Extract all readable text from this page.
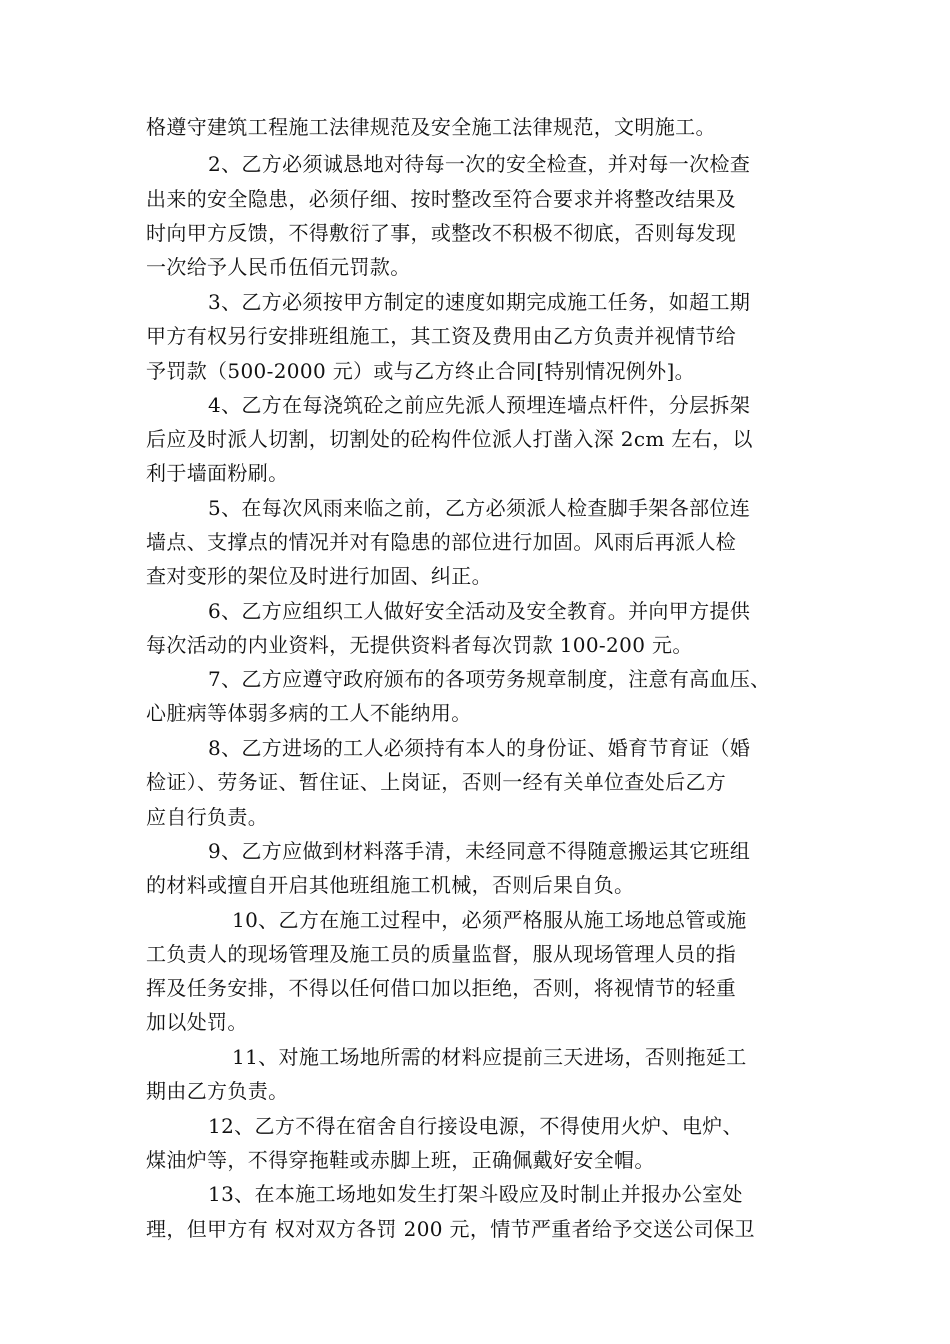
格遵守建筑工程施工法律规范及安全施工法律规范，文明施工。
2、乙方必须诚恳地对待每一次的安全检查，并对每一次检查
出来的安全隐患，必须仔细、按时整改至符合要求并将整改结果及
时向甲方反馈，不得敷衍了事，或整改不积极不彻底，否则每发现
一次给予人民币伍佰元罚款。
3、乙方必须按甲方制定的速度如期完成施工任务，如超工期
甲方有权另行安排班组施工，其工资及费用由乙方负责并视情节给
予罚款（500-2000 元）或与乙方终止合同[特别情况例外]。
4、乙方在每浇筑砼之前应先派人预埋连墙点杆件，分层拆架
后应及时派人切割，切割处的砼构件位派人打凿入深 2cm 左右，以
利于墙面粉刷。
5、在每次风雨来临之前，乙方必须派人检查脚手架各部位连
墙点、支撑点的情况并对有隐患的部位进行加固。风雨后再派人检
查对变形的架位及时进行加固、纠正。
6、乙方应组织工人做好安全活动及安全教育。并向甲方提供
每次活动的内业资料，无提供资料者每次罚款 100-200 元。
7、乙方应遵守政府颁布的各项劳务规章制度，注意有高血压、
心脏病等体弱多病的工人不能纳用。
8、乙方进场的工人必须持有本人的身份证、婚育节育证（婚
检证）、劳务证、暂住证、上岗证，否则一经有关单位查处后乙方
应自行负责。
9、乙方应做到材料落手清，未经同意不得随意搬运其它班组
的材料或擅自开启其他班组施工机械，否则后果自负。
10、乙方在施工过程中，必须严格服从施工场地总管或施
工负责人的现场管理及施工员的质量监督，服从现场管理人员的指
挥及任务安排，不得以任何借口加以拒绝，否则，将视情节的轻重
加以处罚。
11、对施工场地所需的材料应提前三天进场，否则拖延工
期由乙方负责。
12、乙方不得在宿舍自行接设电源，不得使用火炉、电炉、
煤油炉等，不得穿拖鞋或赤脚上班，正确佩戴好安全帽。
13、在本施工场地如发生打架斗殴应及时制止并报办公室处
理，但甲方有 权对双方各罚 200 元，情节严重者给予交送公司保卫
